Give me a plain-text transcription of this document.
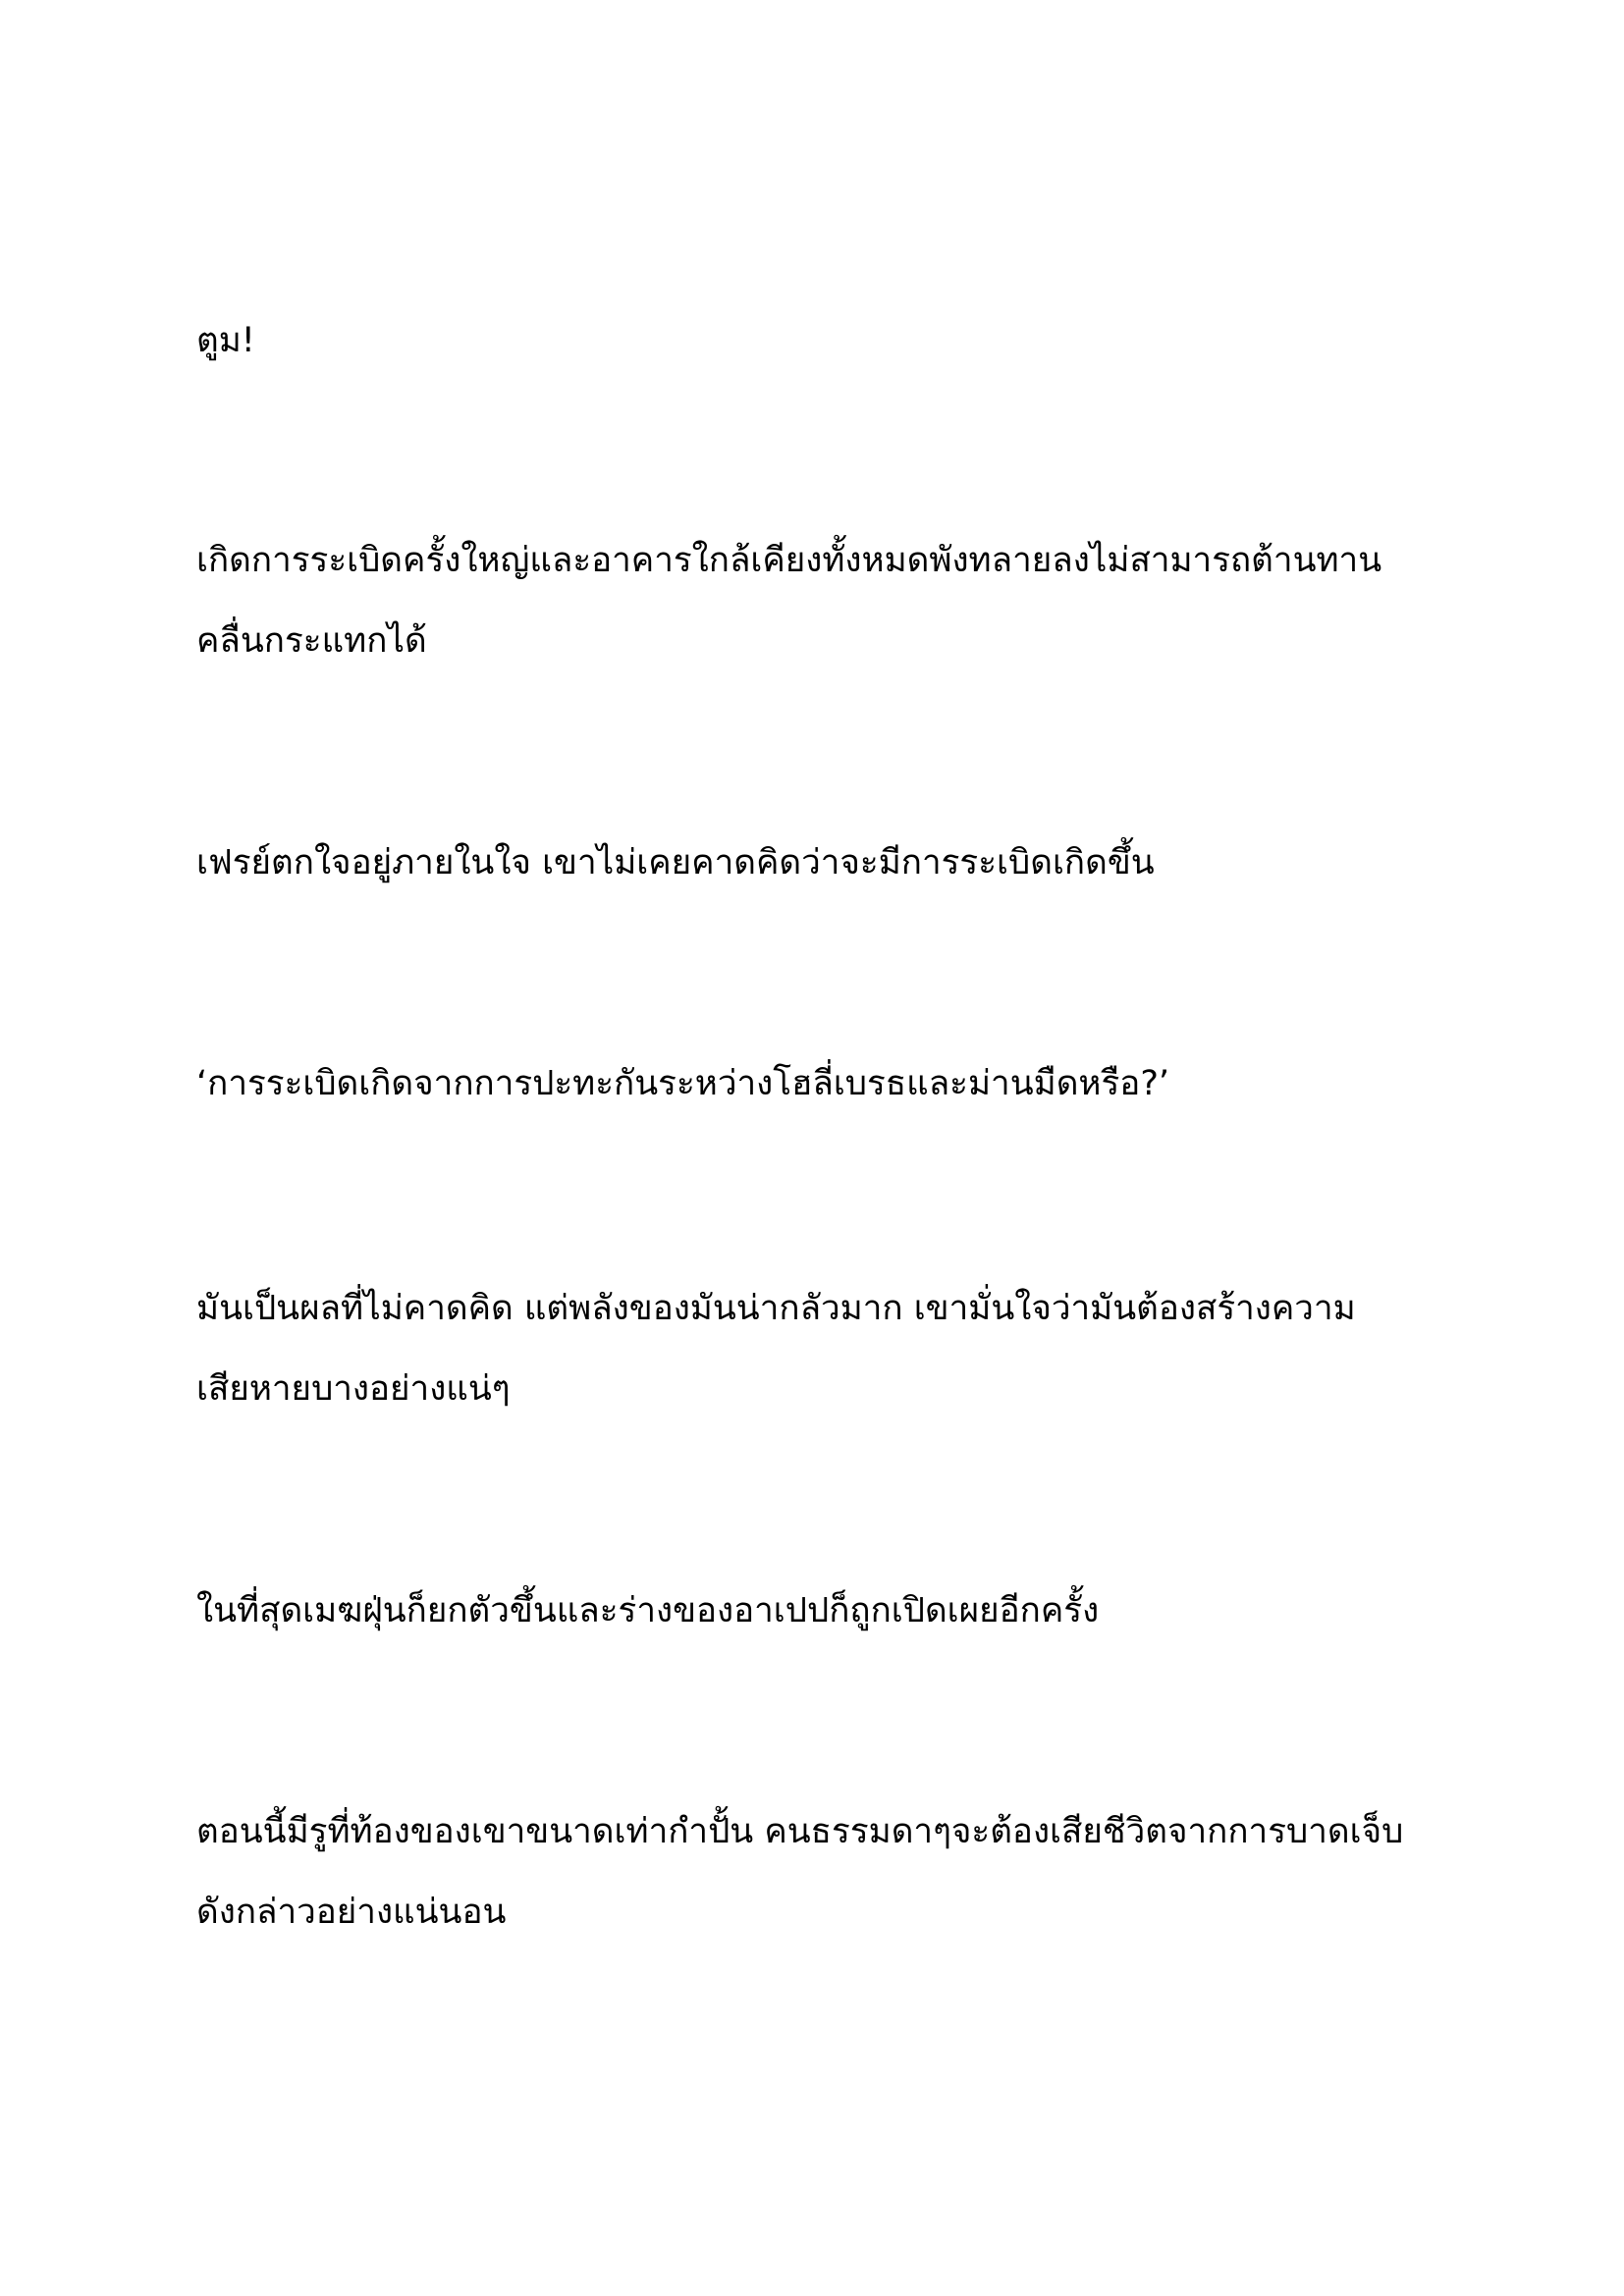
ตูม!

เกิดการระเบิดครั้งใหญ่และอาคารใกล้เคียงทั้งหมดพังทลายลงไม่สามารถต้านทาน
คลื่นกระแทกได้

เฟรย์ตกใจอยู่ภายในใจ เขาไม่เคยคาดคิดว่าจะมีการระเบิดเกิดขึ้น

‘การระเบิดเกิดจากการปะทะกันระหว่างโฮลี่เบรธและม่านมืดหรือ?’

มันเป็นผลที่ไม่คาดคิด แต่พลังของมันน่ากลัวมาก เขามั่นใจว่ามันต้องสร้างความ
เสียหายบางอย่างแน่ๆ

ในที่สุดเมฆฝุ่นก็ยกตัวขึ้นและร่างของอาเปปก็ถูกเปิดเผยอีกครั้ง

ตอนนี้มีรูที่ท้องของเขาขนาดเท่ากำปั้น คนธรรมดาๆจะต้องเสียชีวิตจากการบาดเจ็บ
ดังกล่าวอย่างแน่นอน
